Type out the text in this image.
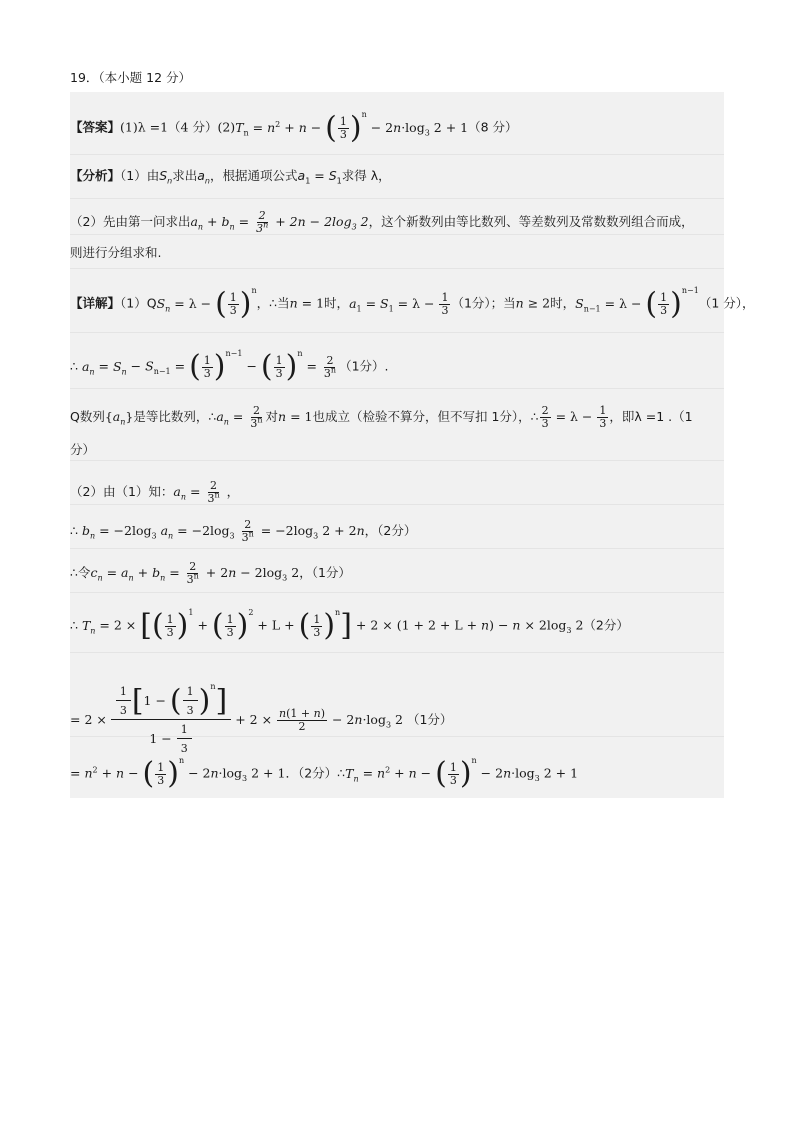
19．（本小题 12 分）
【答案】(1)λ =1（4 分）$(2)T_n = n^2 + n$ − ( $\frac{1}{3} )^n - 2n\cdot\log_3$ 2 + 1（8 分）
【分析】（1）由$S_n$求出$a_n$，根据通项公式$a_1 = S_1$求得 λ，
（2）先由第一问求出$a_n + b_n = \frac{2}{3^n} + 2n - 2\log_3$ 2，这个新数列由等比数列、等差数列及常数数列组合而成，
则进行分组求和.
【详解】$(1)QS_n = \lambda$ − ( $\frac{1}{3} )^n$，∴当n = 1时，$a_1 = S_1 = \lambda - \frac{1}{3} (1$分）；当n ≥ 2时，$S_{n-1} = \lambda$ − ( $\frac{1}{3} )^{n-1}(1$ 分），
∴ $a_n = S_n - S_{n-1}$ = ( $\frac{1}{3} )^{n-1}$ − ( $\frac{1}{3} )^n = \frac{2}{3^n} (1$分）.
Q数列$\{a_n\}$是等比数列，$\therefore a_n = \frac{2}{3^n}$ 对n = 1也成立（检验不算分，但不写扣 1分），∴ $\frac{2}{3} = \lambda - \frac{1}{3}$ ，即λ =1 .（1
分）
（2）由（1）知：$a_n = \frac{2}{3^n}$ ，
∴ $b_n = -2\log_3$ $a_n = -2\log_3 \frac{2}{3^n} = -2\log_3$ 2 + 2n，（2分）
∴令$c_n = a_n + b_n = \frac{2}{3^n} + 2n - 2\log_3$ 2，（1分）
∴ $T_n = 2$ × [( $\frac{1}{3} )^1$ + ( $\frac{1}{3} )^2 + L$ + ( $\frac{1}{3} )^n] + 2 \times (1 + 2 + L + n) - n \times 2\log_3$ 2（2分）
= $2 \times \frac{\frac{1}{3} [1 - ( \frac{1}{3} )^n]}{1 - \frac{1}{3}} + 2 \times \frac{n(1 + n)}{2} - 2n\cdot\log_3$ 2 （1分）
= $n^2 + n$ − ( $\frac{1}{3} )^n - 2n\cdot\log_3$ 2 + 1．（2分）$\therefore T_n = n^2 + n$ − ( $\frac{1}{3} )^n - 2n\cdot\log_3$ 2 + 1
